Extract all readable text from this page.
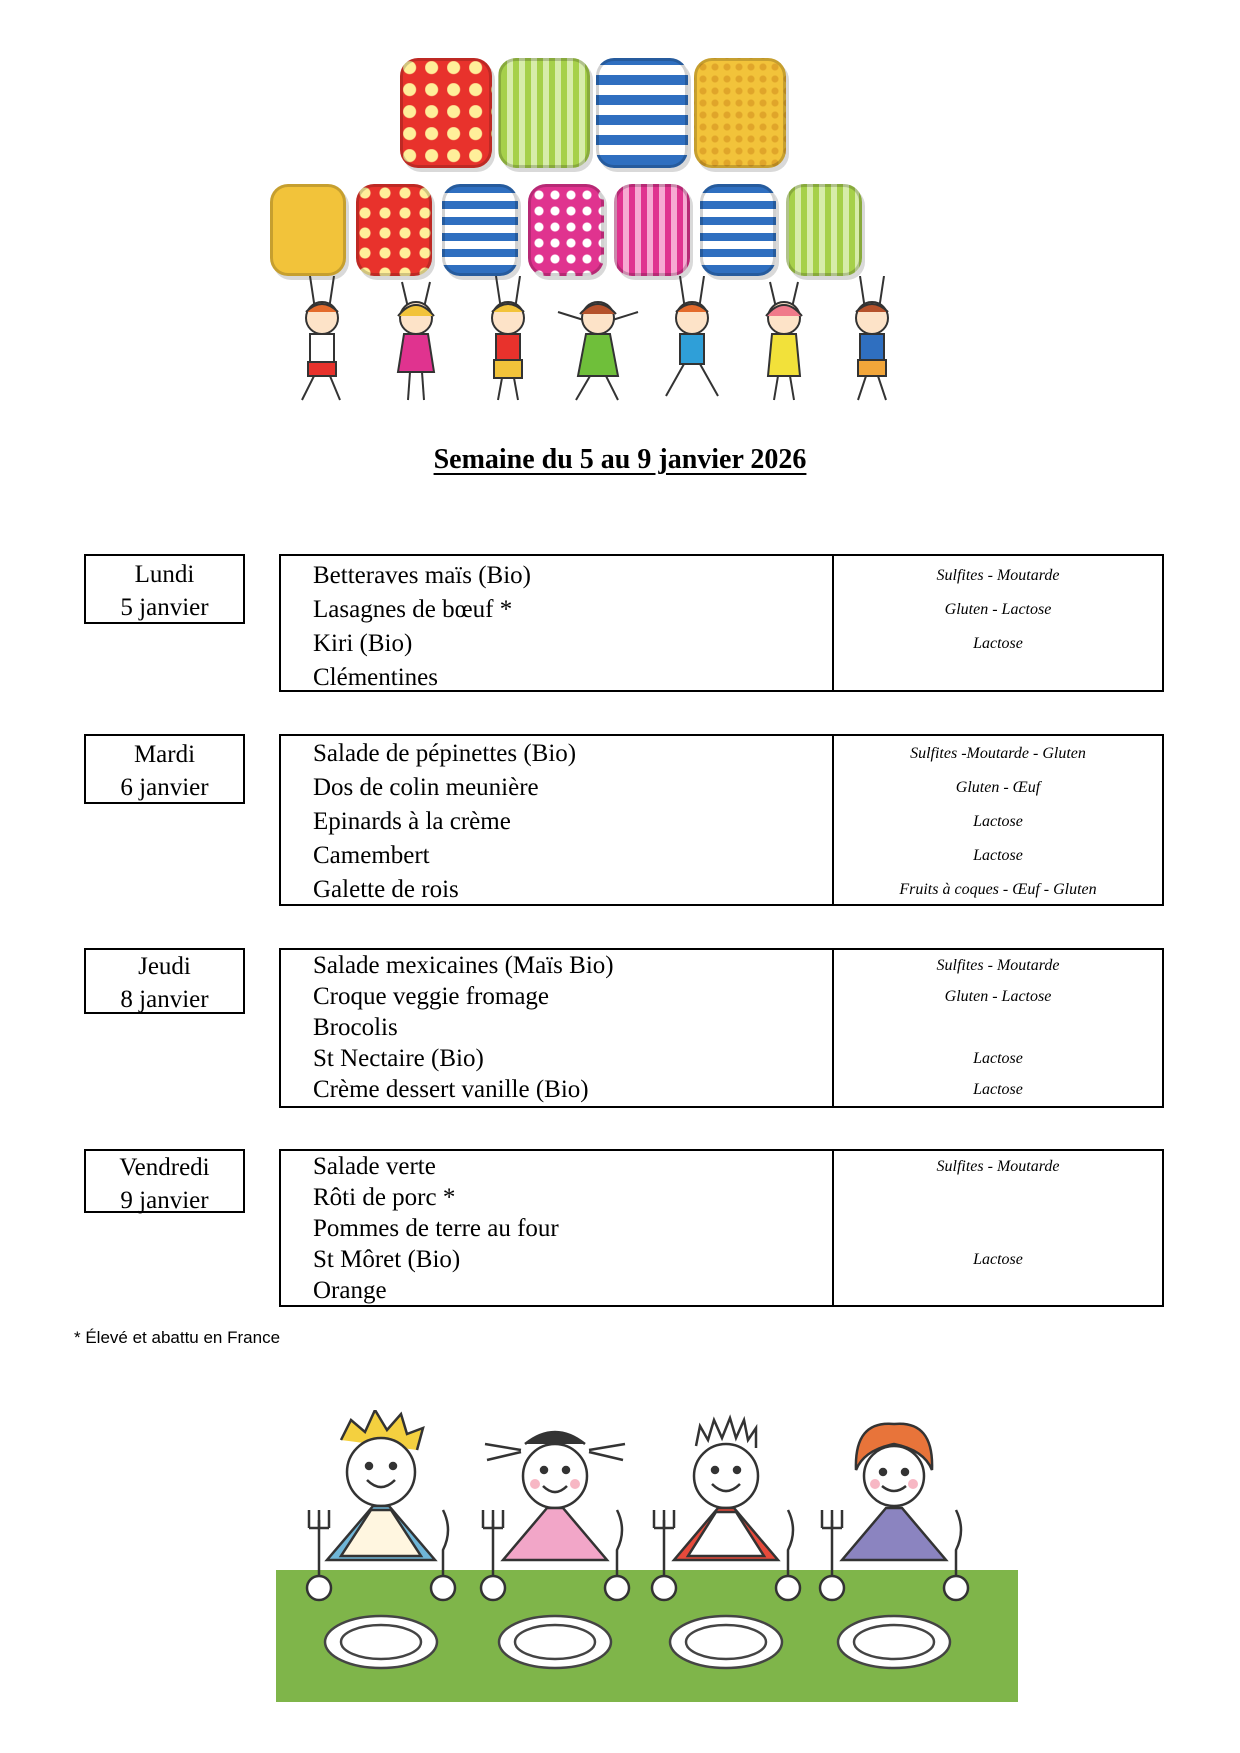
Semaine du 5 au 9 janvier 2026
Lundi
5 janvier
Betteraves maïs (Bio)
Lasagnes de bœuf *
Kiri (Bio)
Clémentines
Sulfites - Moutarde
Gluten - Lactose
Lactose

Mardi
6 janvier
Salade de pépinettes (Bio)
Dos de colin meunière
Epinards à la crème
Camembert
Galette de rois
Sulfites -Moutarde - Gluten
Gluten - Œuf
Lactose
Lactose
Fruits à coques - Œuf - Gluten
Jeudi
8 janvier
Salade mexicaines (Maïs Bio)
Croque veggie fromage
Brocolis
St Nectaire (Bio)
Crème dessert vanille (Bio)
Sulfites - Moutarde
Gluten - Lactose

Lactose
Lactose
Vendredi
9 janvier
Salade verte
Rôti de porc *
Pommes de terre au four
St Môret (Bio)
Orange
Sulfites - Moutarde

Lactose

* Élevé et abattu en France
